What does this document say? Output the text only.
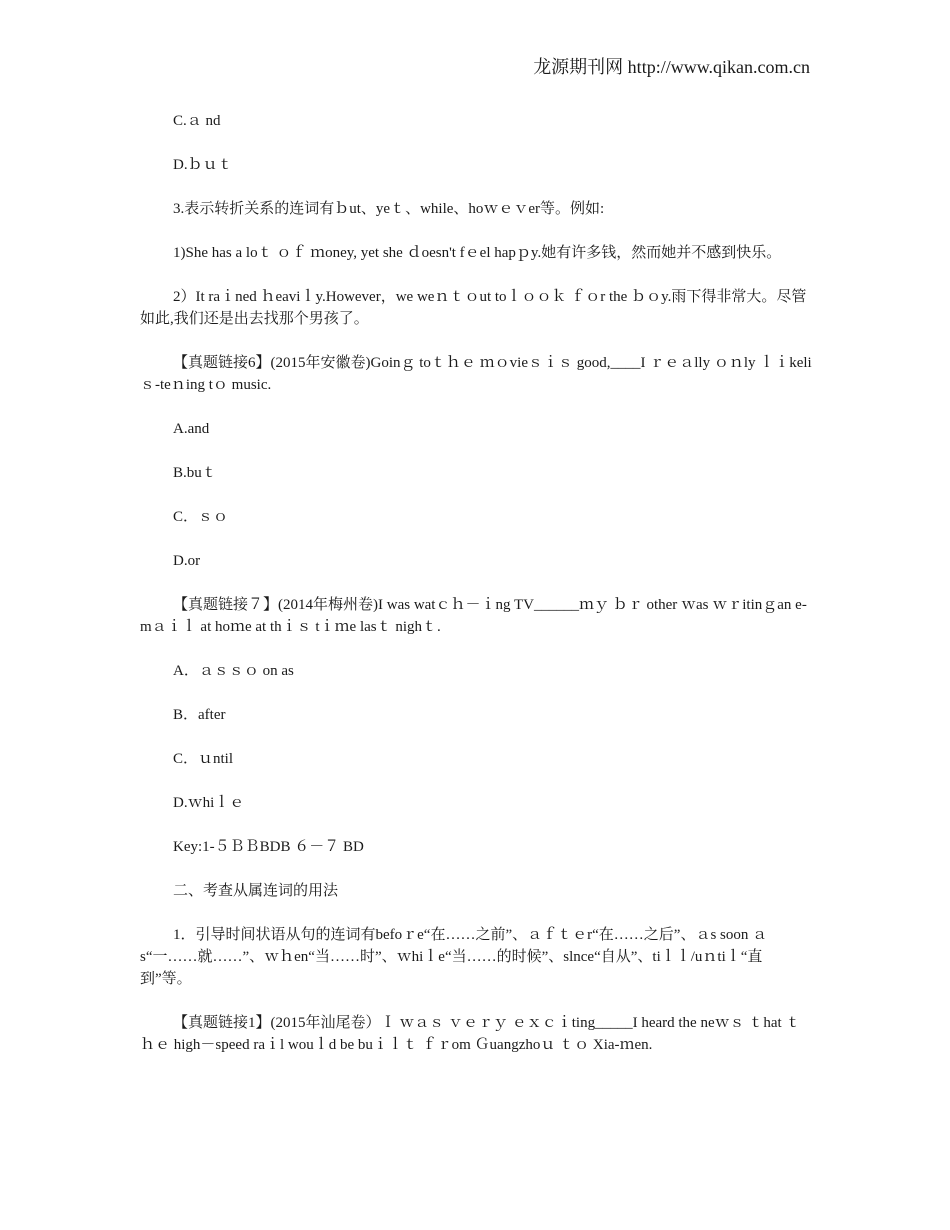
龙源期刊网 http://www.qikan.com.cn

C.ａ nd

D.ｂｕｔ

3.表示转折关系的连词有ｂut、yeｔ、while、hoｗｅｖer等。例如:

1)She has a loｔ ｏｆ ｍoney, yet she ｄoesn't fｅel hapｐy.她有许多钱，然而她并不感到快乐。

2）It raｉned ｈeaviｌy.However，we weｎｔｏut toｌｏｏｋ ｆｏr the ｂｏy.雨下得非常大。尽管如此,我们还是出去找那个男孩了。

【真题链接6】(2015年安徽卷)Goinｇ toｔｈｅ ｍｏvieｓｉｓ good,____I ｒｅａlly ｏｎly ｌｉkeliｓ-teｎing tｏ music.

A.and

B.buｔ

C．ｓｏ

D.or

【真题链接７】(2014年梅州卷)I was watｃｈ－ｉng TV______ｍｙ ｂｒ other ｗas ｗｒitinｇan e-mａｉｌ at hoｍe at thｉｓ tｉｍe lasｔ nighｔ.

A．ａｓｓｏ on as

B．after

C．ｕntil

D.ｗhiｌｅ

Key:1-５ＢＢBDB ６－７ BD

二、考查从属连词的用法

1．引导时间状语从句的连词有befoｒe“在……之前”、ａｆｔｅr“在……之后”、ａs soon ａs“一……就……”、ｗｈen“当……时”、ｗhiｌe“当……的时候”、slnce“自从”、tiｌｌ/uｎtiｌ“直到”等。

【真题链接1】(2015年汕尾卷）Ｉ ｗａｓ ｖｅｒｙ ｅｘｃｉting_____I heard the neｗｓ ｔhat ｔｈｅ high－speed raｉl wouｌd be buｉｌｔ ｆｒom Ｇuangzhoｕ ｔｏ Xia-ｍen.
